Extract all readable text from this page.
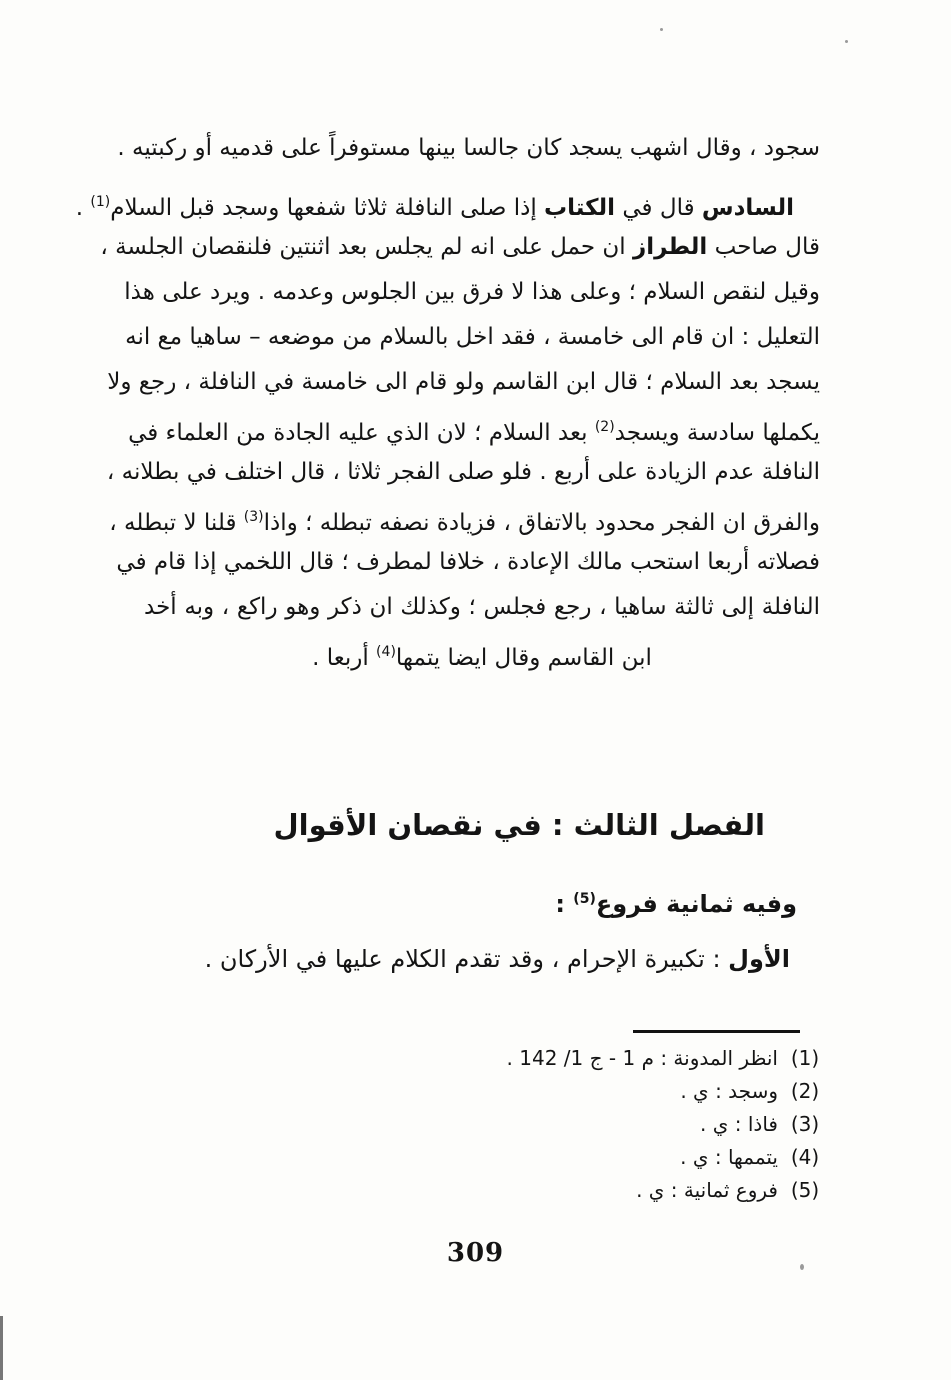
سجود ، وقال اشهب يسجد كان جالسا بينها مستوفراً على قدميه أو ركبتيه .
السادس قال في الكتاب إذا صلى النافلة ثلاثا شفعها وسجد قبل السلام$^{(1)}$ .
قال صاحب الطراز ان حمل على انه لم يجلس بعد اثنتين فلنقصان الجلسة ،
وقيل لنقص السلام ؛ وعلى هذا لا فرق بين الجلوس وعدمه . ويرد على هذا
التعليل : ان قام الى خامسة ، فقد اخل بالسلام من موضعه – ساهيا مع انه
يسجد بعد السلام ؛ قال ابن القاسم ولو قام الى خامسة في النافلة ، رجع ولا
يكملها سادسة ويسجد$^{(2)}$ بعد السلام ؛ لان الذي عليه الجادة من العلماء في
النافلة عدم الزيادة على أربع . فلو صلى الفجر ثلاثا ، قال اختلف في بطلانه ،
والفرق ان الفجر محدود بالاتفاق ، فزيادة نصفه تبطله ؛ واذا$^{(3)}$ قلنا لا تبطله ،
فصلاته أربعا استحب مالك الإعادة ، خلافا لمطرف ؛ قال اللخمي إذا قام في
النافلة إلى ثالثة ساهيا ، رجع فجلس ؛ وكذلك ان ذكر وهو راكع ، وبه أخد
ابن القاسم وقال ايضا يتمها$^{(4)}$ أربعا .
الفصل الثالث : في نقصان الأقوال
وفيه ثمانية فروع$^{(5)}$ :
الأول : تكبيرة الإحرام ، وقد تقدم الكلام عليها في الأركان .
(1)
انظر المدونة : م 1 - ج 1/ 142 .
(2)
وسجد : ي .
(3)
فاذا : ي .
(4)
يتممها : ي .
(5)
فروع ثمانية : ي .
309
